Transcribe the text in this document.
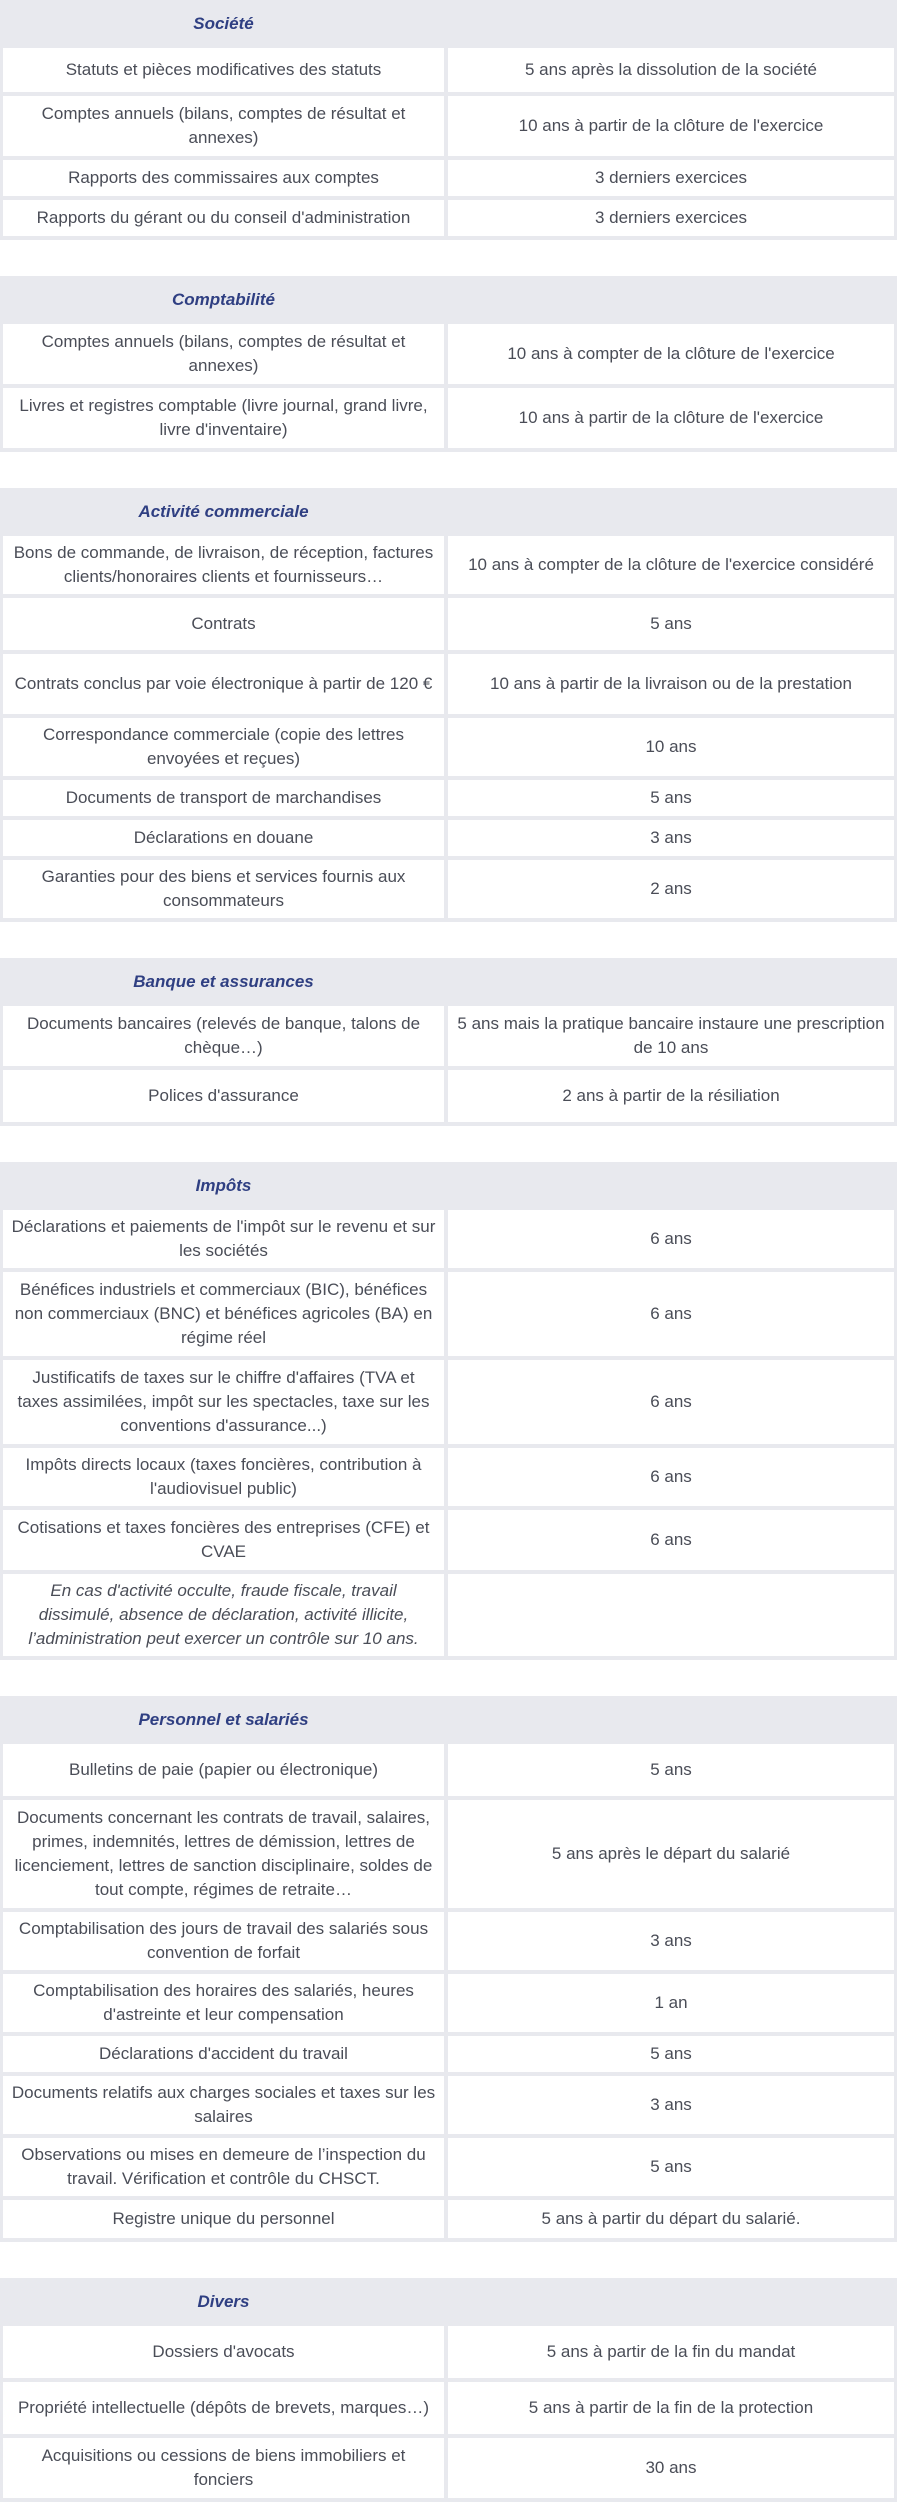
Société	
Statuts et pièces modificatives des statuts	5 ans après la dissolution de la société
Comptes annuels (bilans, comptes de résultat et annexes)	10 ans à partir de la clôture de l'exercice
Rapports des commissaires aux comptes	3 derniers exercices
Rapports du gérant ou du conseil d'administration	3 derniers exercices
Comptabilité	
Comptes annuels (bilans, comptes de résultat et annexes)	10 ans à compter de la clôture de l'exercice
Livres et registres comptable (livre journal, grand livre, livre d'inventaire)	10 ans à partir de la clôture de l'exercice
Activité commerciale	
Bons de commande, de livraison, de réception, factures clients/honoraires clients et fournisseurs…	10 ans à compter de la clôture de l'exercice considéré
Contrats	5 ans
Contrats conclus par voie électronique à partir de 120 €	10 ans à partir de la livraison ou de la prestation
Correspondance commerciale (copie des lettres envoyées et reçues)	10 ans
Documents de transport de marchandises	5 ans
Déclarations en douane	3 ans
Garanties pour des biens et services fournis aux consommateurs	2 ans
Banque et assurances	
Documents bancaires (relevés de banque, talons de chèque…)	5 ans mais la pratique bancaire instaure une prescription de 10 ans
Polices d'assurance	2 ans à partir de la résiliation
Impôts	
Déclarations et paiements de l'impôt sur le revenu et sur les sociétés	6 ans
Bénéfices industriels et commerciaux (BIC), bénéfices non commerciaux (BNC) et bénéfices agricoles (BA) en régime réel	6 ans
Justificatifs de taxes sur le chiffre d'affaires (TVA et taxes assimilées, impôt sur les spectacles, taxe sur les conventions d'assurance...)	6 ans
Impôts directs locaux (taxes foncières, contribution à l'audiovisuel public)	6 ans
Cotisations et taxes foncières des entreprises (CFE) et CVAE	6 ans
En cas d'activité occulte, fraude fiscale, travail dissimulé, absence de déclaration, activité illicite, l’administration peut exercer un contrôle sur 10 ans.	
Personnel et salariés	
Bulletins de paie (papier ou électronique)	5 ans
Documents concernant les contrats de travail, salaires, primes, indemnités, lettres de démission, lettres de licenciement, lettres de sanction disciplinaire, soldes de tout compte, régimes de retraite…	5 ans après le départ du salarié
Comptabilisation des jours de travail des salariés sous convention de forfait	3 ans
Comptabilisation des horaires des salariés, heures d'astreinte et leur compensation	1 an
Déclarations d'accident du travail	5 ans
Documents relatifs aux charges sociales et taxes sur les salaires	3 ans
Observations ou mises en demeure de l’inspection du travail. Vérification et contrôle du CHSCT.	5 ans
Registre unique du personnel	5 ans à partir du départ du salarié.
Divers	
Dossiers d'avocats	5 ans à partir de la fin du mandat
Propriété intellectuelle (dépôts de brevets, marques…)	5 ans à partir de la fin de la protection
Acquisitions ou cessions de biens immobiliers et fonciers	30 ans
